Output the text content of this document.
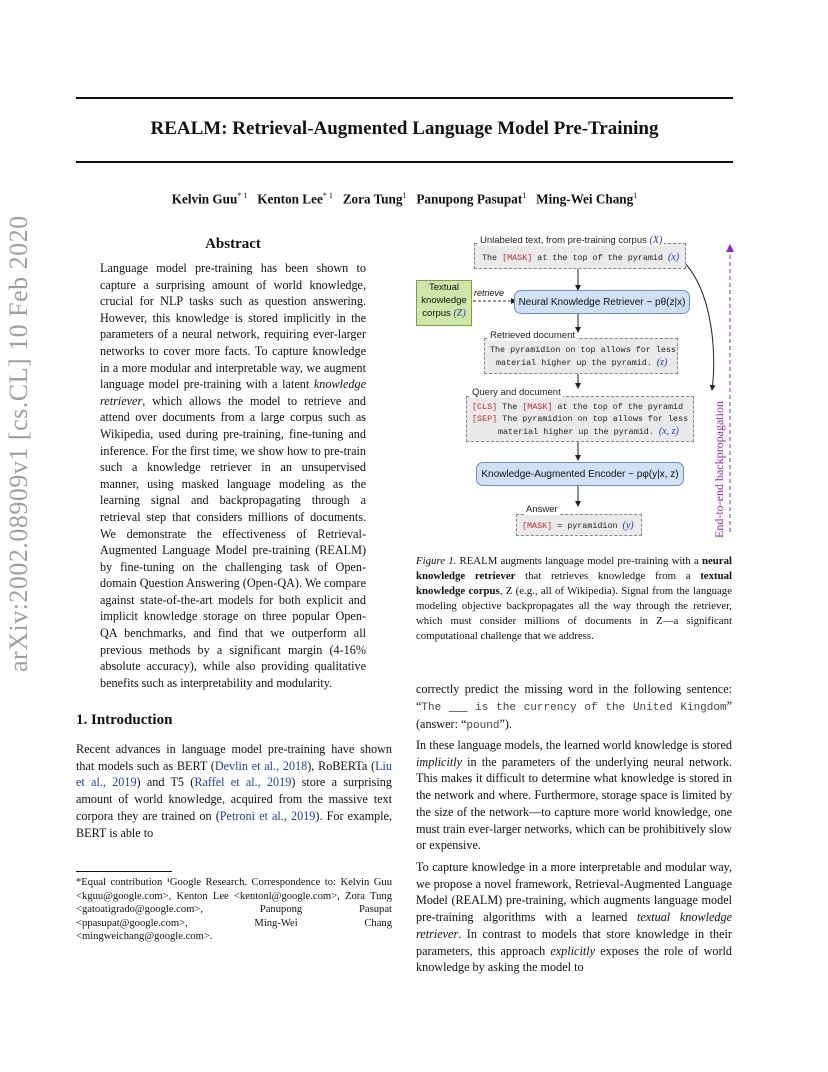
REALM: Retrieval-Augmented Language Model Pre-Training
Kelvin Guu$^{* 1}$ Kenton Lee$^{* 1}$ Zora Tung$^1$ Panupong Pasupat$^1$ Ming-Wei Chang$^1$
arXiv:2002.08909v1 [cs.CL] 10 Feb 2020	Abstract
Language model pre-training has been shown to capture a surprising amount of world knowledge, crucial for NLP tasks such as question answering. However, this knowledge is stored implicitly in the parameters of a neural network, requiring ever-larger networks to cover more facts. To capture knowledge in a more modular and interpretable way, we augment language model pre-training with a latent knowledge retriever, which allows the model to retrieve and attend over documents from a large corpus such as Wikipedia, used during pre-training, fine-tuning and inference. For the first time, we show how to pre-train such a knowledge retriever in an unsupervised manner, using masked language modeling as the learning signal and backpropagating through a retrieval step that considers millions of documents. We demonstrate the effectiveness of Retrieval-Augmented Language Model pre-training (REALM) by fine-tuning on the challenging task of Open-domain Question Answering (Open-QA). We compare against state-of-the-art models for both explicit and implicit knowledge storage on three popular Open-QA benchmarks, and find that we outperform all previous methods by a significant margin (4-16% absolute accuracy), while also providing qualitative benefits such as interpretability and modularity.
1. Introduction
Recent advances in language model pre-training have shown that models such as BERT (Devlin et al., 2018), RoBERTa (Liu et al., 2019) and T5 (Raffel et al., 2019) store a surprising amount of world knowledge, acquired from the massive text corpora they are trained on (Petroni et al., 2019). For example, BERT is able to
*Equal contribution ¹Google Research. Correspondence to: Kelvin Guu <kguu@google.com>, Kenton Lee <kentonl@google.com>, Zora Tung <gatoatigrado@google.com>, Panupong Pasupat <ppasupat@google.com>, Ming-Wei Chang <mingweichang@google.com>.
Unlabeled text, from pre-training corpus (X)
The [MASK] at the top of the pyramid (x)
Textual
knowledge
corpus (Z)
retrieve
Neural Knowledge Retriever ~ pθ(z|x)
Retrieved document
The pyramidion on top allows for less
material higher up the pyramid. (z)
Query and document
[CLS] The [MASK] at the top of the pyramid
[SEP] The pyramidion on top allows for less
material higher up the pyramid. (x, z)
Knowledge-Augmented Encoder ~ pφ(y|x, z)
Answer
[MASK] = pyramidion (y)	End-to-end backpropagation
Figure 1. REALM augments language model pre-training with a neural knowledge retriever that retrieves knowledge from a textual knowledge corpus, Z (e.g., all of Wikipedia). Signal from the language modeling objective backpropagates all the way through the retriever, which must consider millions of documents in Z—a significant computational challenge that we address.
correctly predict the missing word in the following sentence: “The ___ is the currency of the United Kingdom” (answer: “pound”).
In these language models, the learned world knowledge is stored implicitly in the parameters of the underlying neural network. This makes it difficult to determine what knowledge is stored in the network and where. Furthermore, storage space is limited by the size of the network—to capture more world knowledge, one must train ever-larger networks, which can be prohibitively slow or expensive.
To capture knowledge in a more interpretable and modular way, we propose a novel framework, Retrieval-Augmented Language Model (REALM) pre-training, which augments language model pre-training algorithms with a learned textual knowledge retriever. In contrast to models that store knowledge in their parameters, this approach explicitly exposes the role of world knowledge by asking the model to
